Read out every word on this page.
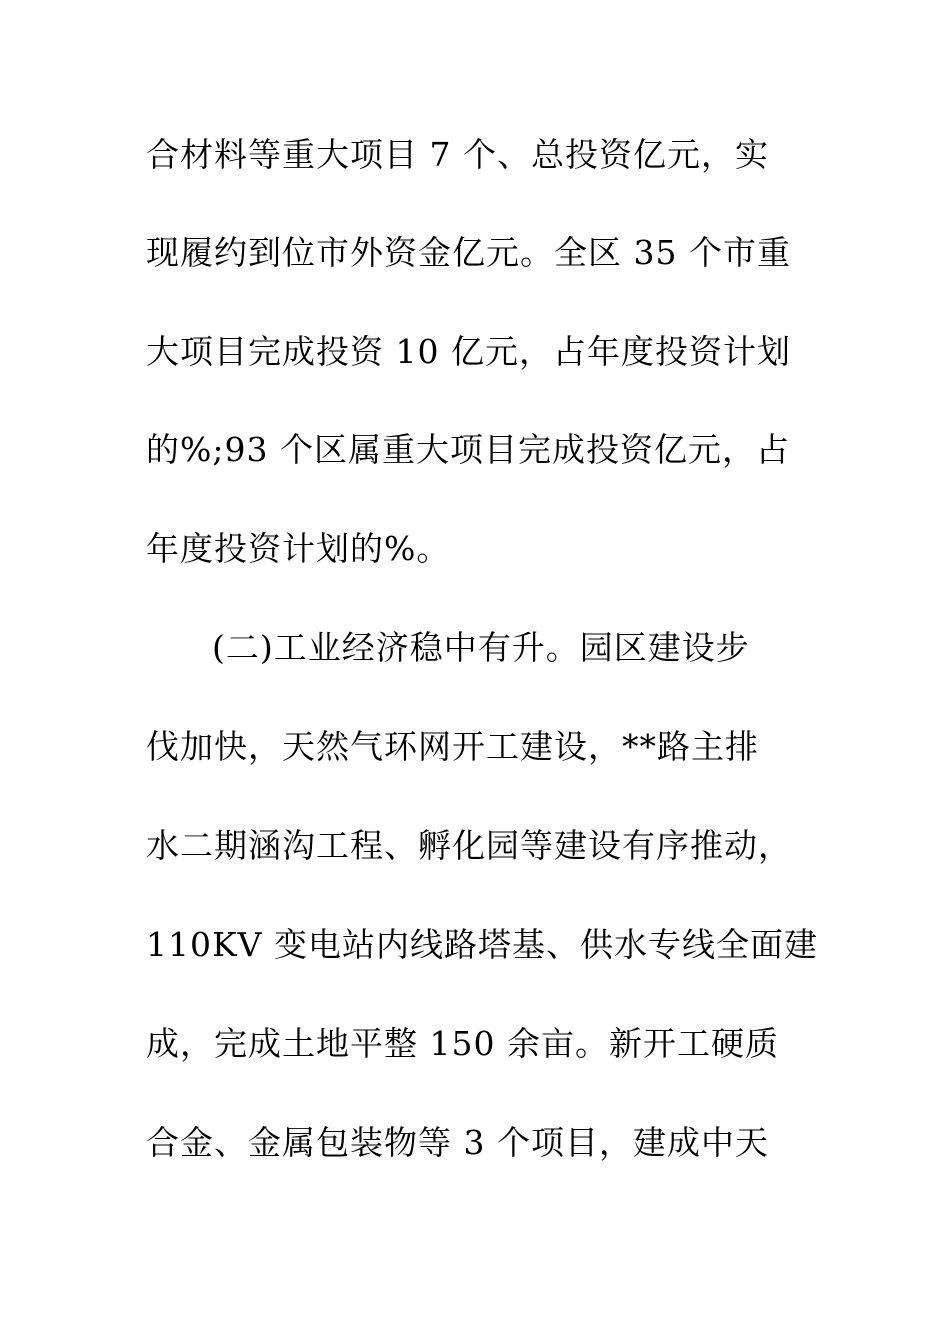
合材料等重大项目 7 个、总投资亿元，实
现履约到位市外资金亿元。全区 35 个市重
大项目完成投资 10 亿元，占年度投资计划
的%;93 个区属重大项目完成投资亿元，占
年度投资计划的%。
(二)工业经济稳中有升。园区建设步
伐加快，天然气环网开工建设，**路主排
水二期涵沟工程、孵化园等建设有序推动，
110KV 变电站内线路塔基、供水专线全面建
成，完成土地平整 150 余亩。新开工硬质
合金、金属包装物等 3 个项目，建成中天
